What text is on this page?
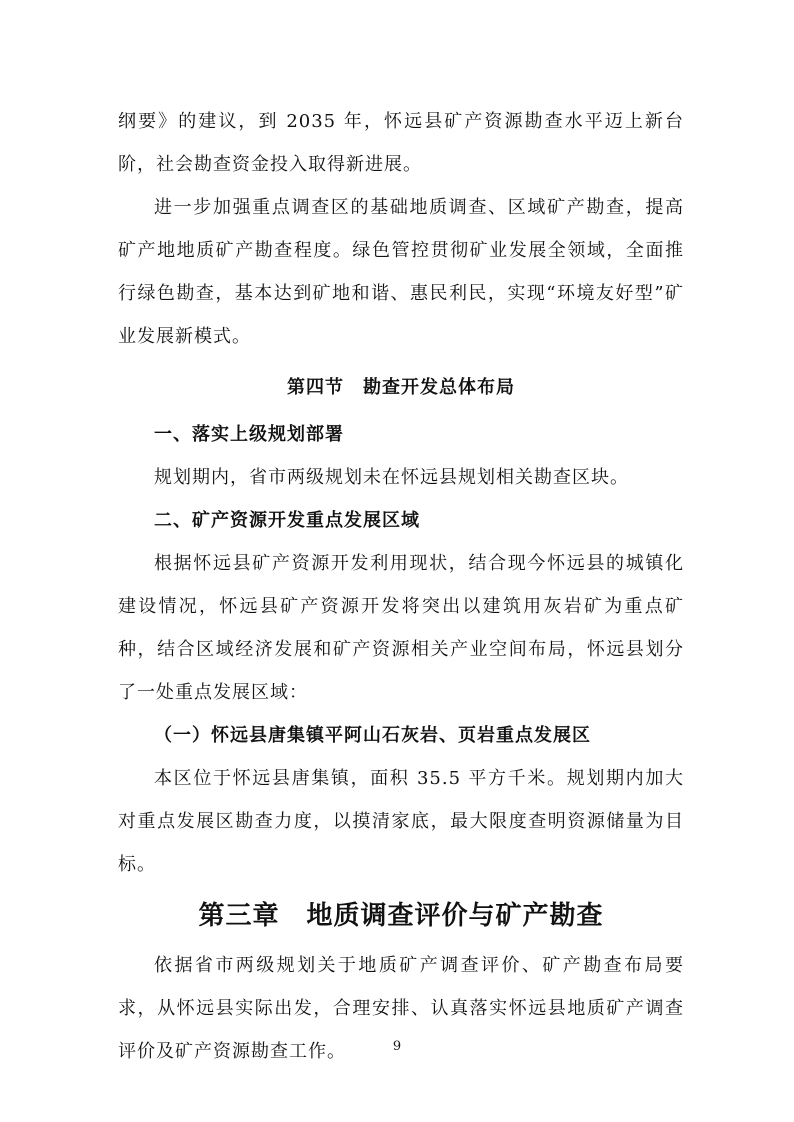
纲要》的建议，到 2035 年，怀远县矿产资源勘查水平迈上新台阶，社会勘查资金投入取得新进展。

进一步加强重点调查区的基础地质调查、区域矿产勘查，提高矿产地地质矿产勘查程度。绿色管控贯彻矿业发展全领域，全面推行绿色勘查，基本达到矿地和谐、惠民利民，实现“环境友好型”矿业发展新模式。

第四节　勘查开发总体布局
一、落实上级规划部署

规划期内，省市两级规划未在怀远县规划相关勘查区块。

二、矿产资源开发重点发展区域

根据怀远县矿产资源开发利用现状，结合现今怀远县的城镇化建设情况，怀远县矿产资源开发将突出以建筑用灰岩矿为重点矿种，结合区域经济发展和矿产资源相关产业空间布局，怀远县划分了一处重点发展区域：

（一）怀远县唐集镇平阿山石灰岩、页岩重点发展区

本区位于怀远县唐集镇，面积 35.5 平方千米。规划期内加大对重点发展区勘查力度，以摸清家底，最大限度查明资源储量为目标。

第三章　地质调查评价与矿产勘查

依据省市两级规划关于地质矿产调查评价、矿产勘查布局要求，从怀远县实际出发，合理安排、认真落实怀远县地质矿产调查评价及矿产资源勘查工作。	9
